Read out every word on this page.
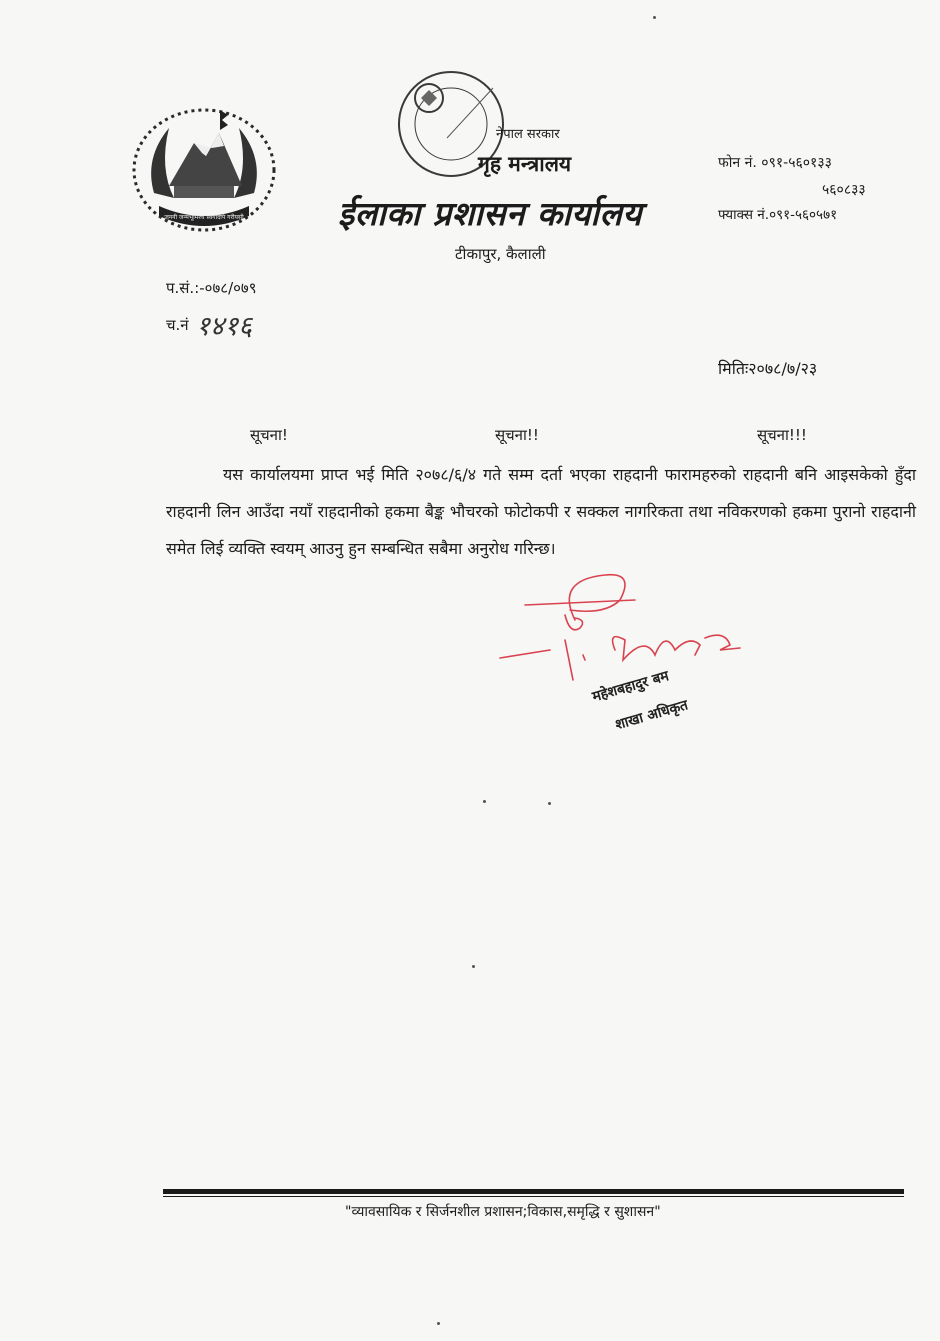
जननी जन्मभूमिश्च स्वर्गादपि गरीयसी
नेपाल सरकार
गृह मन्त्रालय
ईलाका प्रशासन कार्यालय
टीकापुर, कैलाली
फोन नं. ०९१-५६०१३३
५६०८३३
फ्याक्स नं.०९१-५६०५७१
प.सं.:-०७८/०७९
च.नं १४१६
मितिः२०७८/७/२३
सूचना!	सूचना!!	सूचना!!!
यस कार्यालयमा प्राप्त भई मिति २०७८/६/४ गते सम्म दर्ता भएका राहदानी फारामहरुको राहदानी बनि आइसकेको हुँदा राहदानी लिन आउँदा नयाँ राहदानीको हकमा बैङ्क भौचरको फोटोकपी र सक्कल नागरिकता तथा नविकरणको हकमा पुरानो राहदानी समेत लिई व्यक्ति स्वयम् आउनु हुन सम्बन्धित सबैमा अनुरोध गरिन्छ।
महेशबहादुर बम
शाखा अधिकृत
"व्यावसायिक र सिर्जनशील प्रशासन;विकास,समृद्धि र सुशासन"
